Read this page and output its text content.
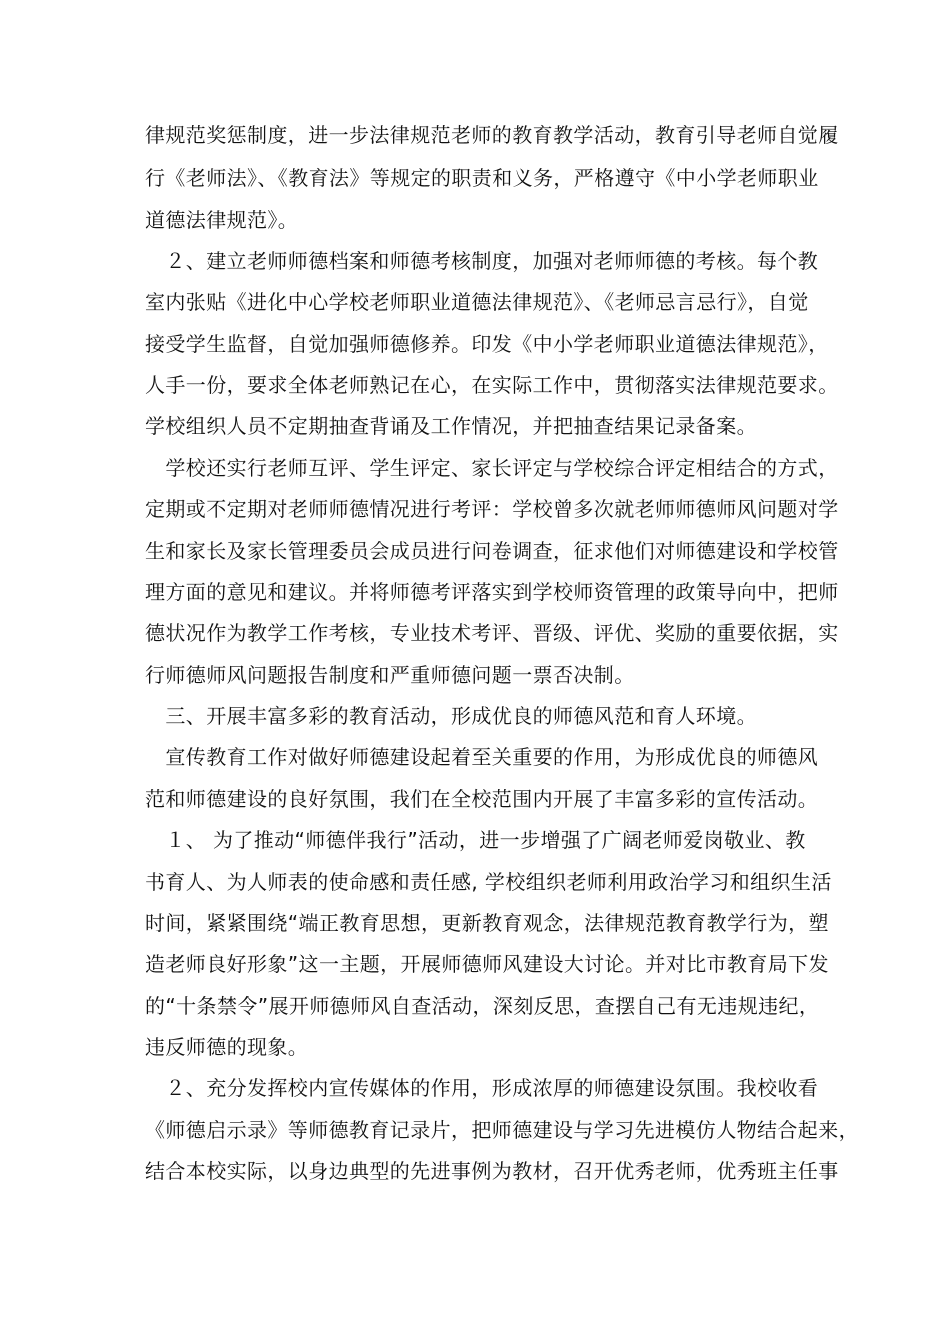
律规范奖惩制度，进一步法律规范老师的教育教学活动，教育引导老师自觉履
行《老师法》、《教育法》等规定的职责和义务，严格遵守《中小学老师职业
道德法律规范》。
　２、建立老师师德档案和师德考核制度，加强对老师师德的考核。每个教
室内张贴《进化中心学校老师职业道德法律规范》、《老师忌言忌行》，自觉
接受学生监督，自觉加强师德修养。印发《中小学老师职业道德法律规范》，
人手一份，要求全体老师熟记在心，在实际工作中，贯彻落实法律规范要求。
学校组织人员不定期抽查背诵及工作情况，并把抽查结果记录备案。
　学校还实行老师互评、学生评定、家长评定与学校综合评定相结合的方式，
定期或不定期对老师师德情况进行考评：学校曾多次就老师师德师风问题对学
生和家长及家长管理委员会成员进行问卷调查，征求他们对师德建设和学校管
理方面的意见和建议。并将师德考评落实到学校师资管理的政策导向中，把师
德状况作为教学工作考核，专业技术考评、晋级、评优、奖励的重要依据，实
行师德师风问题报告制度和严重师德问题一票否决制。
　三、开展丰富多彩的教育活动，形成优良的师德风范和育人环境。
　宣传教育工作对做好师德建设起着至关重要的作用，为形成优良的师德风
范和师德建设的良好氛围，我们在全校范围内开展了丰富多彩的宣传活动。
　１、 为了推动“师德伴我行”活动，进一步增强了广阔老师爱岗敬业、教
书育人、为人师表的使命感和责任感, 学校组织老师利用政治学习和组织生活
时间，紧紧围绕“端正教育思想，更新教育观念，法律规范教育教学行为，塑
造老师良好形象”这一主题，开展师德师风建设大讨论。并对比市教育局下发
的“十条禁令”展开师德师风自查活动，深刻反思，查摆自己有无违规违纪，
违反师德的现象。
　２、充分发挥校内宣传媒体的作用，形成浓厚的师德建设氛围。我校收看
《师德启示录》等师德教育记录片，把师德建设与学习先进模仿人物结合起来，
结合本校实际，以身边典型的先进事例为教材，召开优秀老师，优秀班主任事
